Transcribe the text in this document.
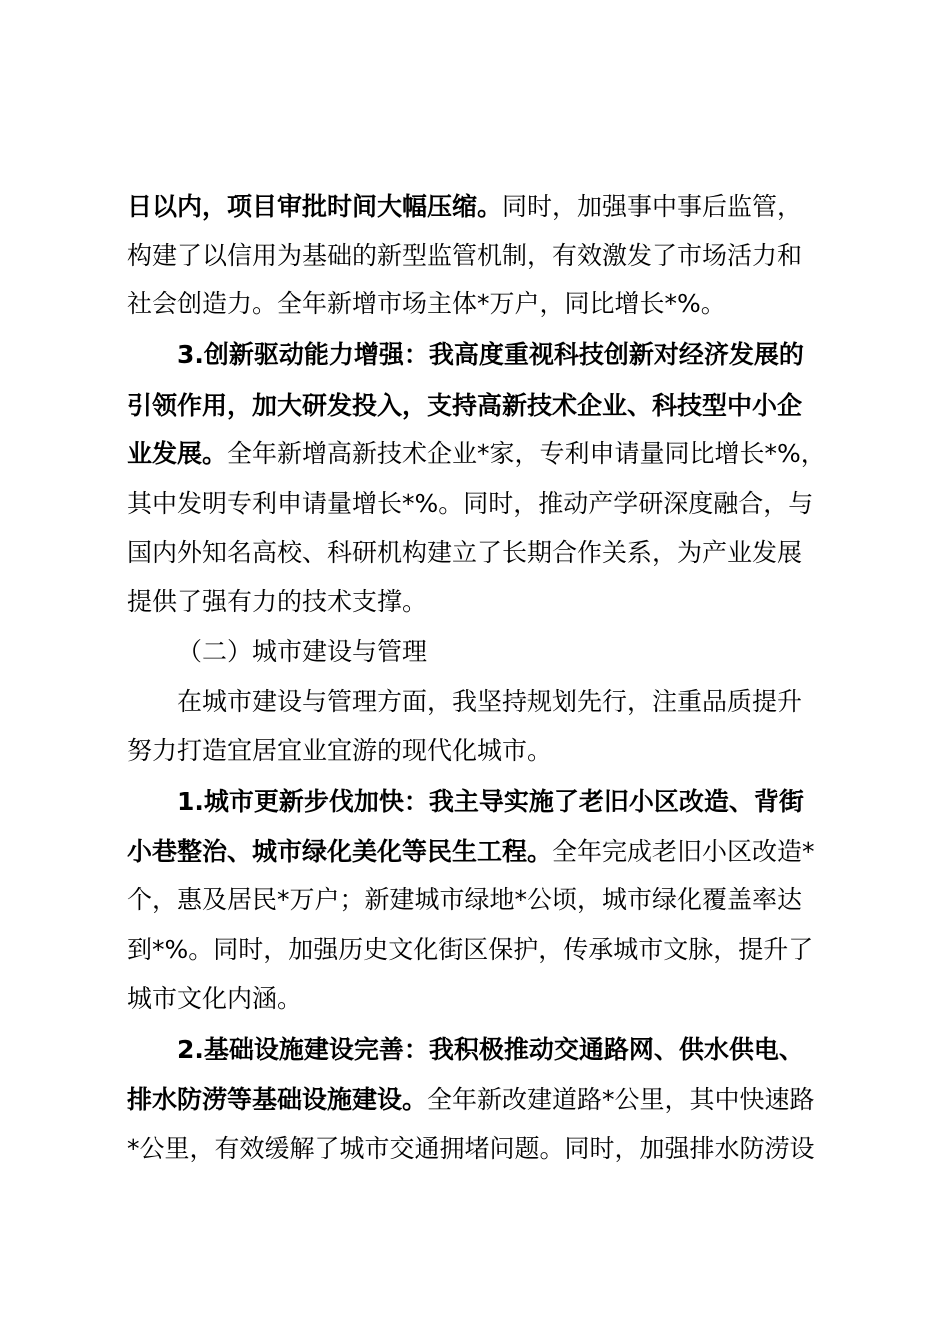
日以内，项目审批时间大幅压缩。同时，加强事中事后监管，
构建了以信用为基础的新型监管机制，有效激发了市场活力和
社会创造力。全年新增市场主体*万户，同比增长*%。
3.创新驱动能力增强：我高度重视科技创新对经济发展的
引领作用，加大研发投入，支持高新技术企业、科技型中小企
业发展。全年新增高新技术企业*家，专利申请量同比增长*%，
其中发明专利申请量增长*%。同时，推动产学研深度融合，与
国内外知名高校、科研机构建立了长期合作关系，为产业发展
提供了强有力的技术支撑。
（二）城市建设与管理
在城市建设与管理方面，我坚持规划先行，注重品质提升
努力打造宜居宜业宜游的现代化城市。
1.城市更新步伐加快：我主导实施了老旧小区改造、背街
小巷整治、城市绿化美化等民生工程。全年完成老旧小区改造*
个，惠及居民*万户；新建城市绿地*公顷，城市绿化覆盖率达
到*%。同时，加强历史文化街区保护，传承城市文脉，提升了
城市文化内涵。
2.基础设施建设完善：我积极推动交通路网、供水供电、
排水防涝等基础设施建设。全年新改建道路*公里，其中快速路
*公里，有效缓解了城市交通拥堵问题。同时，加强排水防涝设
